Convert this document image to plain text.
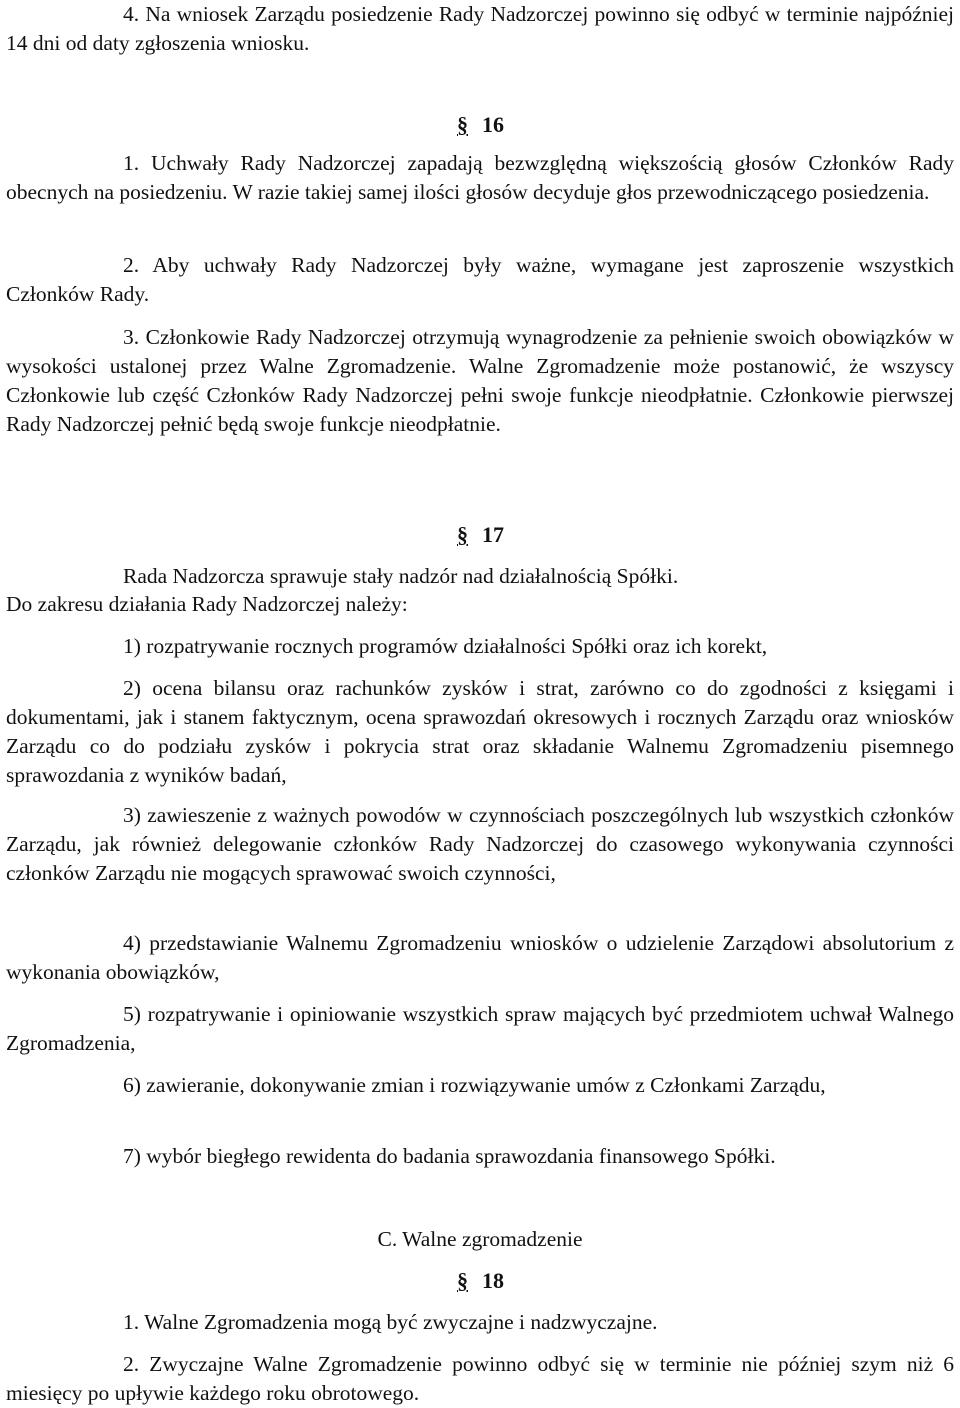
4. Na wniosek Zarządu posiedzenie Rady Nadzorczej powinno się odbyć w terminie najpóźniej 14 dni od daty zgłoszenia wniosku.

§ 16

1. Uchwały Rady Nadzorczej zapadają bezwzględną większością głosów Członków Rady obecnych na posiedzeniu. W razie takiej samej ilości głosów decyduje głos przewodniczącego posiedzenia.

2. Aby uchwały Rady Nadzorczej były ważne, wymagane jest zaproszenie wszystkich Członków Rady.

3. Członkowie Rady Nadzorczej otrzymują wynagrodzenie za pełnienie swoich obowiązków w wysokości ustalonej przez Walne Zgromadzenie. Walne Zgromadzenie może postanowić, że wszyscy Członkowie lub część Członków Rady Nadzorczej pełni swoje funkcje nieodpłatnie. Członkowie pierwszej Rady Nadzorczej pełnić będą swoje funkcje nieodpłatnie.

§ 17

Rada Nadzorcza sprawuje stały nadzór nad działalnością Spółki.

Do zakresu działania Rady Nadzorczej należy:

1) rozpatrywanie rocznych programów działalności Spółki oraz ich korekt,

2) ocena bilansu oraz rachunków zysków i strat, zarówno co do zgodności z księgami i dokumentami, jak i stanem faktycznym, ocena sprawozdań okresowych i rocznych Zarządu oraz wniosków Zarządu co do podziału zysków i pokrycia strat oraz składanie Walnemu Zgromadzeniu pisemnego sprawozdania z wyników badań,

3) zawieszenie z ważnych powodów w czynnościach poszczególnych lub wszystkich członków Zarządu, jak również delegowanie członków Rady Nadzorczej do czasowego wykonywania czynności członków Zarządu nie mogących sprawować swoich czynności,

4) przedstawianie Walnemu Zgromadzeniu wniosków o udzielenie Zarządowi absolutorium z wykonania obowiązków,

5) rozpatrywanie i opiniowanie wszystkich spraw mających być przedmiotem uchwał Walnego Zgromadzenia,

6) zawieranie, dokonywanie zmian i rozwiązywanie umów z Członkami Zarządu,

7) wybór biegłego rewidenta do badania sprawozdania finansowego Spółki.

C. Walne zgromadzenie
§ 18

1. Walne Zgromadzenia mogą być zwyczajne i nadzwyczajne.

2. Zwyczajne Walne Zgromadzenie powinno odbyć się w terminie nie później szym niż 6 miesięcy po upływie każdego roku obrotowego.
